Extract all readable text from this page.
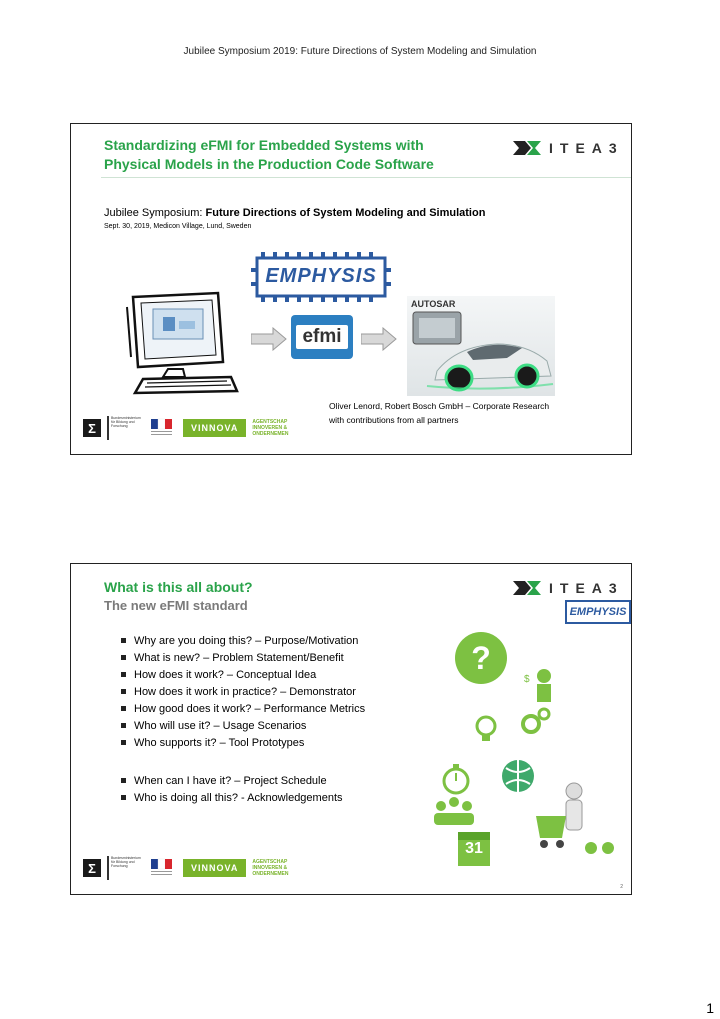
Jubilee Symposium 2019: Future Directions of System Modeling and Simulation
Standardizing eFMI for Embedded Systems with
Physical Models in the Production Code Software
ITEA3
Jubilee Symposium: Future Directions of System Modeling and Simulation
Sept. 30, 2019, Medicon Village, Lund, Sweden
EMPHYSIS
efmi
AUTOSAR
Oliver Lenord, Robert Bosch GmbH – Corporate Research
with contributions from all partners
Σ
Bundesministerium für Bildung und Forschung	VINNOVA
AGENTSCHAP INNOVEREN & ONDERNEMEN
What is this all about?
The new eFMI standard
ITEA3
EMPHYSIS
Why are you doing this? – Purpose/Motivation
What is new? – Problem Statement/Benefit
How does it work? – Conceptual Idea
How does it work in practice? – Demonstrator
How good does it work? – Performance Metrics
Who will use it? – Usage Scenarios
Who supports it? – Tool Prototypes
When can I have it? – Project Schedule
Who is doing all this? - Acknowledgements
?
$
31
Σ
Bundesministerium für Bildung und Forschung	VINNOVA
AGENTSCHAP INNOVEREN & ONDERNEMEN
2
1
